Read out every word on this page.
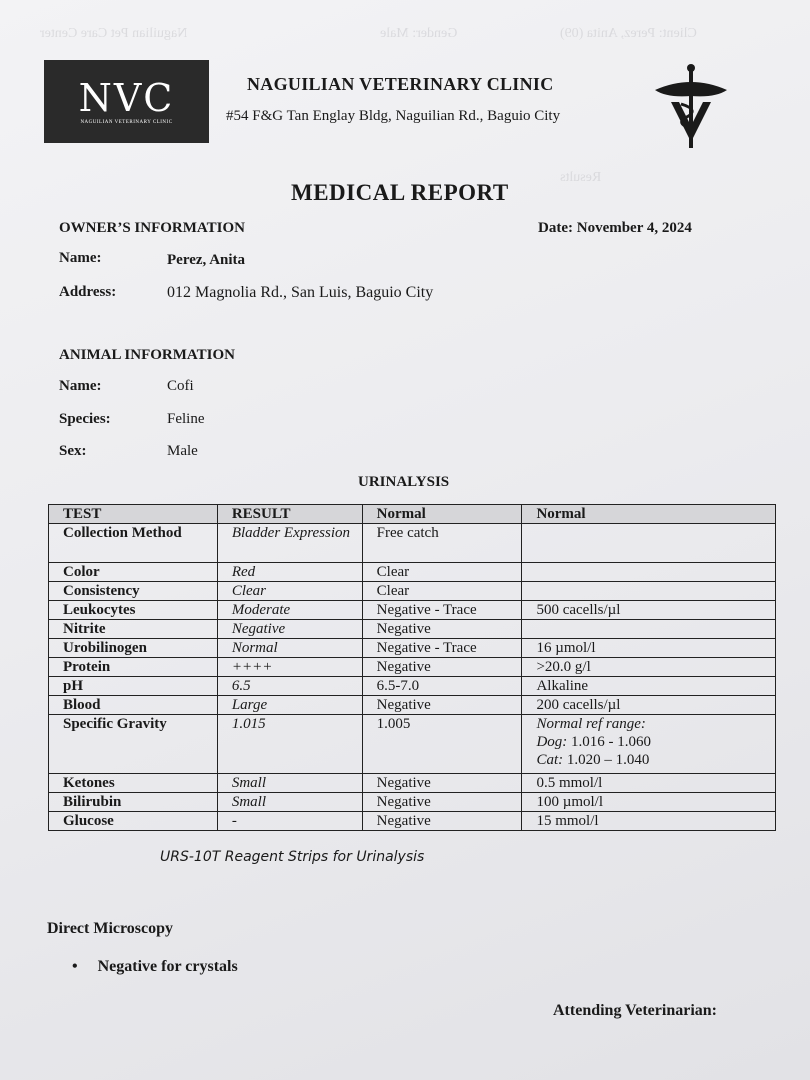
Client: Perez, Anita (09)
Gender: Male
Naguilian Pet Care Center
Results
NVC
NAGUILIAN VETERINARY CLINIC
NAGUILIAN VETERINARY CLINIC
#54 F&G Tan Englay Bldg, Naguilian Rd., Baguio City
MEDICAL REPORT
Date: November 4, 2024
OWNER’S INFORMATION
Name:	Perez, Anita
Address:	012 Magnolia Rd., San Luis, Baguio City
ANIMAL INFORMATION
Name:	Cofi
Species:	Feline
Sex:	Male
URINALYSIS
TEST	RESULT	Normal	Normal
Collection Method	Bladder Expression	Free catch	
Color	Red	Clear	
Consistency	Clear	Clear	
Leukocytes	Moderate	Negative - Trace	500 cacells/µl
Nitrite	Negative	Negative	
Urobilinogen	Normal	Negative - Trace	16 µmol/l
Protein	++++	Negative	>20.0 g/l
pH	6.5	6.5-7.0	Alkaline
Blood	Large	Negative	200 cacells/µl
Specific Gravity	1.015	1.005	Normal ref range:
Dog: 1.016 - 1.060
Cat: 1.020 – 1.040

Ketones	Small	Negative	0.5 mmol/l
Bilirubin	Small	Negative	100 µmol/l
Glucose	-	Negative	15 mmol/l
URS-10T Reagent Strips for Urinalysis
Direct Microscopy
• Negative for crystals
Attending Veterinarian:
